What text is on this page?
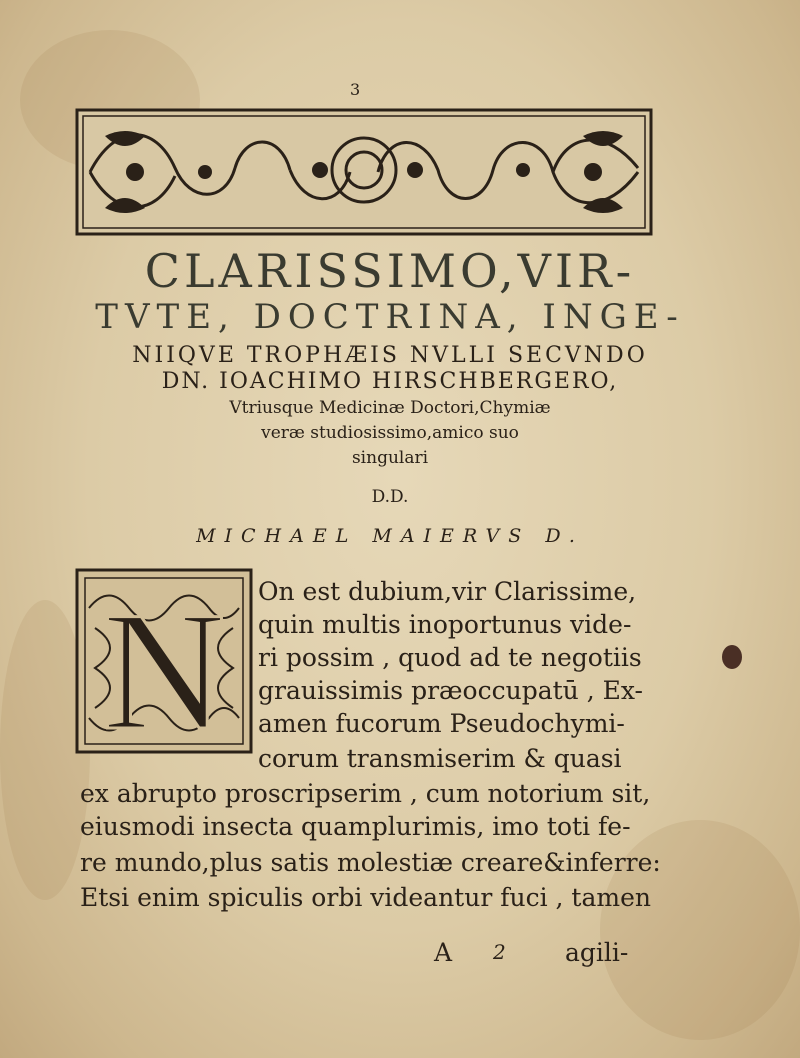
3
CLARISSIMO,VIR-
TVTE, DOCTRINA, INGE-
NIIQVE TROPHÆIS NVLLI SECVNDO
DN. IOACHIMO HIRSCHBERGERO,
Vtriusque Medicinæ Doctori,Chymiæ
veræ studiosissimo,amico suo
singulari
D.D.
MICHAEL MAIERVS D.
N On est dubium,vir Clarissime,
quin multis inoportunus vide-
ri possim , quod ad te negotiis
grauissimis præoccupatū , Ex-
amen fucorum Pseudochymi-
corum transmiserim & quasi
ex abrupto proscripserim , cum notorium sit,
eiusmodi insecta quamplurimis, imo toti fe-
re mundo,plus satis molestiæ creare&inferre:
Etsi enim spiculis orbi videantur fuci , tamen
A 2 agili-
